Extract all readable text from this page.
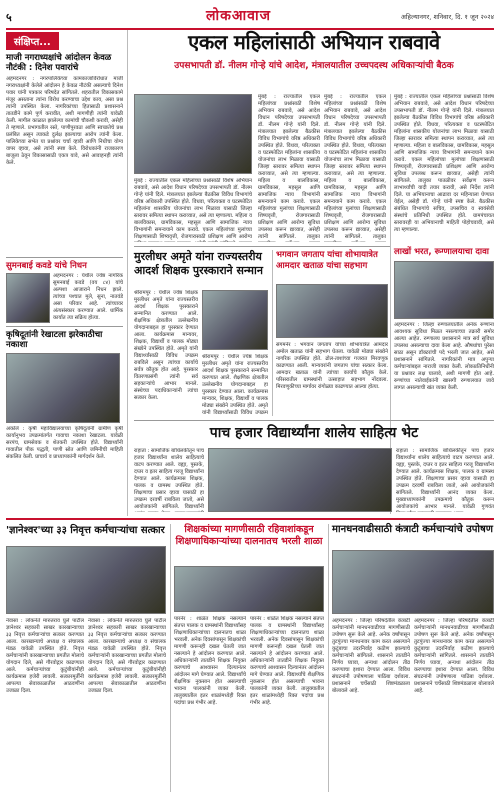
५	लोकआवाज	अहिल्यानगर, शनिवार, दि. १ जून २०२४
संक्षिप्त...
माजी नगराध्यक्षांचे आंदोलन केवळ नौटंकी : दिनेश पवारांचे
अहमदनगर : नगरपालिकेच्या कामकाजाविरोधात माजी नगराध्यक्षांनी केलेले आंदोलन हे केवळ नौटंकी असल्याचे दिनेश पवार यांनी पत्रकार परिषदेत सांगितले. शहरातील विकासकामे मंजूर असताना त्यांना विरोध करण्याचा उद्देश काय, असा प्रश्न त्यांनी उपस्थित केला. नागरिकांच्या हितासाठी प्रशासनाने तातडीने कामे पूर्ण करावीत, अशी मागणीही त्यांनी यावेळी केली. मागील काळात झालेल्या कामांची चौकशी करावी, असेही ते म्हणाले. प्रभागातील रस्ते, पाणीपुरवठा आणि स्वच्छतेचे प्रश्न प्रलंबित असून त्याकडे दुर्लक्ष झाल्याचा आरोप त्यांनी केला. पालिकेच्या सभेत या प्रश्नांवर चर्चा व्हावी आणि निधीचा योग्य वापर व्हावा, असे त्यांनी स्पष्ट केले. विरोधकांनी राजकारण बाजूला ठेवून विकासासाठी एकत्र यावे, असे आवाहनही त्यांनी केले.
सुमनबाई कवडे यांचे निधन
अहमदनगर : येथील ज्येष्ठ नागरिक सुमनबाई कवडे (वय ८४) यांचे अल्पशा आजाराने निधन झाले. त्यांच्या पश्चात मुले, सुना, नातवंडे असा परिवार आहे. त्यांच्यावर अंत्यसंस्कार करण्यात आले. धार्मिक कार्यात त्या सक्रिय होत्या.
कृषिदूतांनी रेखाटला झरेकाठीचा नकाशा
अकोले : कृषी महाविद्यालयाच्या कृषिदूतांनी ग्रामीण कृषी कार्यानुभव उपक्रमांतर्गत गावाचा नकाशा रेखाटला. यावेळी सरपंच, ग्रामसेवक व शेतकरी उपस्थित होते. विद्यार्थ्यांनी गावातील पीक पद्धती, पाणी स्रोत आणि जमिनीची माहिती संकलित केली. प्राचार्य व प्राध्यापकांनी मार्गदर्शन केले.
एकल महिलांसाठी अभियान राबवावे
उपसभापती डॉ. नीलम गोऱ्हे यांचे आदेश, मंत्रालयातील उच्चपदस्थ अधिकाऱ्यांची बैठक
मुंबई : राज्यातील एकल महिलांच्या प्रश्नांसाठी विशेष अभियान राबवावे, असे आदेश विधान परिषदेच्या उपसभापती डॉ. नीलम गोऱ्हे यांनी दिले. मंत्रालयात झालेल्या बैठकीस विविध विभागांचे वरिष्ठ अधिकारी उपस्थित होते. विधवा, परित्यक्ता व घटस्फोटित महिलांना शासकीय योजनांचा लाभ मिळावा यासाठी जिल्हा स्तरावर समित्या स्थापन कराव्यात, असे त्या म्हणाल्या. महिला व बालविकास, ग्रामविकास, महसूल आणि सामाजिक न्याय विभागांनी समन्वयाने काम करावे. एकल महिलांच्या मुलांच्या शिक्षणासाठी शिष्यवृत्ती, रोजगारासाठी प्रशिक्षण आणि आरोग्य
मुंबई : राज्यातील एकल महिलांच्या प्रश्नांसाठी विशेष अभियान राबवावे, असे आदेश विधान परिषदेच्या उपसभापती डॉ. नीलम गोऱ्हे यांनी दिले. मंत्रालयात झालेल्या बैठकीस विविध विभागांचे वरिष्ठ अधिकारी उपस्थित होते. विधवा, परित्यक्ता व घटस्फोटित महिलांना शासकीय योजनांचा लाभ मिळावा यासाठी जिल्हा स्तरावर समित्या स्थापन कराव्यात, असे त्या म्हणाल्या. महिला व बालविकास, ग्रामविकास, महसूल आणि सामाजिक न्याय विभागांनी समन्वयाने काम करावे. एकल महिलांच्या मुलांच्या शिक्षणासाठी शिष्यवृत्ती, रोजगारासाठी प्रशिक्षण आणि आरोग्य सुविधा उपलब्ध करून द्याव्यात, असेही त्यांनी सांगितले. तालुका
मुंबई : राज्यातील एकल महिलांच्या प्रश्नांसाठी विशेष अभियान राबवावे, असे आदेश विधान परिषदेच्या उपसभापती डॉ. नीलम गोऱ्हे यांनी दिले. मंत्रालयात झालेल्या बैठकीस विविध विभागांचे वरिष्ठ अधिकारी उपस्थित होते. विधवा, परित्यक्ता व घटस्फोटित महिलांना शासकीय योजनांचा लाभ मिळावा यासाठी जिल्हा स्तरावर समित्या स्थापन कराव्यात, असे त्या म्हणाल्या. महिला व बालविकास, ग्रामविकास, महसूल आणि सामाजिक न्याय विभागांनी समन्वयाने काम करावे. एकल महिलांच्या मुलांच्या शिक्षणासाठी शिष्यवृत्ती, रोजगारासाठी प्रशिक्षण आणि आरोग्य सुविधा उपलब्ध करून द्याव्यात, असेही त्यांनी सांगितले. तालुका
मुंबई : राज्यातील एकल महिलांच्या प्रश्नांसाठी विशेष अभियान राबवावे, असे आदेश विधान परिषदेच्या उपसभापती डॉ. नीलम गोऱ्हे यांनी दिले. मंत्रालयात झालेल्या बैठकीस विविध विभागांचे वरिष्ठ अधिकारी उपस्थित होते. विधवा, परित्यक्ता व घटस्फोटित महिलांना शासकीय योजनांचा लाभ मिळावा यासाठी जिल्हा स्तरावर समित्या स्थापन कराव्यात, असे त्या म्हणाल्या. महिला व बालविकास, ग्रामविकास, महसूल आणि सामाजिक न्याय विभागांनी समन्वयाने काम करावे. एकल महिलांच्या मुलांच्या शिक्षणासाठी शिष्यवृत्ती, रोजगारासाठी प्रशिक्षण आणि आरोग्य सुविधा उपलब्ध करून द्याव्यात, असेही त्यांनी सांगितले. तालुका पातळीवर सर्वेक्षण करून लाभार्थ्यांची यादी तयार करावी, असे निर्देश त्यांनी दिले. या अभियानाचा आढावा दर महिन्याला घेण्यात येईल, असेही डॉ. गोऱ्हे यांनी स्पष्ट केले. बैठकीस संबंधित विभागांचे सचिव, उपसचिव व स्वयंसेवी संस्थांचे प्रतिनिधी उपस्थित होते. ग्रामपंचायत स्तरावरही या अभियानाची माहिती पोहोचवावी, असे त्या म्हणाल्या.
लाखों भरत, रूग्णालयाचा दावा
अहमदनगर : जिल्हा रुग्णालयातील अनेक रुग्णांना आवश्यक सुविधा मिळत नसल्याच्या तक्रारी समोर आल्या आहेत. रुग्णालय प्रशासनाने मात्र सर्व सुविधा उपलब्ध असल्याचा दावा केला आहे. औषधांचा पुरेसा साठा असून डॉक्टरांची पदे भरली जात आहेत, असे प्रशासनाने सांगितले. नागरिकांनी मात्र अपुऱ्या कर्मचाऱ्यांबद्दल नाराजी व्यक्त केली. लोकप्रतिनिधींनी या प्रश्नावर लक्ष घालावे, अशी मागणी होत आहे. रुग्णांच्या नातेवाईकांनी खासगी रुग्णालयात जावे लागत असल्याची खंत व्यक्त केली.
मुरलीधर अमृते यांना राज्यस्तरीय आदर्श शिक्षक पुरस्काराने सन्मान
श्रीरामपूर : येथील ज्येष्ठ शिक्षक मुरलीधर अमृते यांना राज्यस्तरीय आदर्श शिक्षक पुरस्काराने सन्मानित करण्यात आले. शैक्षणिक क्षेत्रातील उल्लेखनीय योगदानाबद्दल हा पुरस्कार देण्यात आला. कार्यक्रमास मान्यवर, शिक्षक, विद्यार्थी व पालक मोठ्या संख्येने उपस्थित होते. अमृते यांनी विद्यार्थ्यांसाठी विविध उपक्रम राबविले असून त्यांच्या कार्याचे सर्वत्र कौतुक होत आहे. पुरस्कार वितरणप्रसंगी त्यांनी सर्व सहकाऱ्यांचे आभार मानले. संस्थेच्या पदाधिकाऱ्यांनी त्यांचा सत्कार केला.
श्रीरामपूर : येथील ज्येष्ठ शिक्षक मुरलीधर अमृते यांना राज्यस्तरीय आदर्श शिक्षक पुरस्काराने सन्मानित करण्यात आले. शैक्षणिक क्षेत्रातील उल्लेखनीय योगदानाबद्दल हा पुरस्कार देण्यात आला. कार्यक्रमास मान्यवर, शिक्षक, विद्यार्थी व पालक मोठ्या संख्येने उपस्थित होते. अमृते यांनी विद्यार्थ्यांसाठी विविध उपक्रम
भगवान जगताप यांचा शोभायात्रेत आमदार खताळ यांचा सहभाग
संगमनेर : भगवान जगताप यांच्या शोभायात्रेत आमदार अमोल खताळ यांनी सहभाग घेतला. यावेळी मोठ्या संख्येने नागरिक उपस्थित होते. ढोल-ताशांच्या गजरात मिरवणूक काढण्यात आली. मान्यवरांनी जगताप यांचा सत्कार केला. आमदार खताळ यांनी त्यांच्या कार्याचे कौतुक केले. परिसरातील ग्रामस्थांनी उत्साहात सहभाग नोंदवला. मिरवणुकीच्या मार्गावर रांगोळ्या काढण्यात आल्या होत्या.
पाच हजार विद्यार्थ्यांना शालेय साहित्य भेट
राहाता : सामाजिक बांधिलकीतून पाच हजार विद्यार्थ्यांना शालेय साहित्याचे वाटप करण्यात आले. वह्या, पुस्तके, दप्तर व इतर साहित्य गरजू विद्यार्थ्यांना देण्यात आले. कार्यक्रमास शिक्षक, पालक व ग्रामस्थ उपस्थित होते. शिक्षणाचा प्रसार व्हावा यासाठी हा उपक्रम दरवर्षी राबविला जातो, असे आयोजकांनी सांगितले. विद्यार्थ्यांनी
राहाता : सामाजिक बांधिलकीतून पाच हजार विद्यार्थ्यांना शालेय साहित्याचे वाटप करण्यात आले. वह्या, पुस्तके, दप्तर व इतर साहित्य गरजू विद्यार्थ्यांना देण्यात आले. कार्यक्रमास शिक्षक, पालक व ग्रामस्थ उपस्थित होते. शिक्षणाचा प्रसार व्हावा यासाठी हा उपक्रम दरवर्षी राबविला जातो, असे आयोजकांनी सांगितले. विद्यार्थ्यांनी आनंद व्यक्त केला. मुख्याध्यापकांनी उपक्रमाचे कौतुक करून आयोजकांचे आभार मानले. यावेळी गुणवंत
'ज्ञानेश्वर'च्या ३३ निवृत्त कर्मचाऱ्यांचा सत्कार
नेवासा : लोकनेते मारुतराव घुले पाटील ज्ञानेश्वर सहकारी साखर कारखान्याच्या ३३ निवृत्त कर्मचाऱ्यांचा सत्कार करण्यात आला. कारखान्याचे अध्यक्ष व संचालक मंडळ यावेळी उपस्थित होते. निवृत्त कर्मचाऱ्यांनी कारखान्याच्या प्रगतीत मोलाचे योगदान दिले, असे गौरवोद्गार काढण्यात आले. कर्मचाऱ्यांच्या कुटुंबीयांनीही कार्यक्रमास हजेरी लावली. सत्कारमूर्तींनी आपल्या सेवाकाळातील आठवणींना उजाळा दिला.
नेवासा : लोकनेते मारुतराव घुले पाटील ज्ञानेश्वर सहकारी साखर कारखान्याच्या ३३ निवृत्त कर्मचाऱ्यांचा सत्कार करण्यात आला. कारखान्याचे अध्यक्ष व संचालक मंडळ यावेळी उपस्थित होते. निवृत्त कर्मचाऱ्यांनी कारखान्याच्या प्रगतीत मोलाचे योगदान दिले, असे गौरवोद्गार काढण्यात आले. कर्मचाऱ्यांच्या कुटुंबीयांनीही कार्यक्रमास हजेरी लावली. सत्कारमूर्तींनी आपल्या सेवाकाळातील आठवणींना उजाळा दिला.
शिक्षकांच्या मागणीसाठी रहिवाशांकडून शिक्षणाधिकाऱ्यांच्या दालनातच भरली शाळा
पारनेर : शाळेत शिक्षक नसल्याने संतप्त पालक व ग्रामस्थांनी विद्यार्थ्यांसह शिक्षणाधिकाऱ्यांच्या दालनातच शाळा भरवली. अनेक दिवसांपासून शिक्षकांची मागणी करूनही दखल घेतली जात नसल्याने हे आंदोलन करण्यात आले. अधिकाऱ्यांनी तातडीने शिक्षक नियुक्त करण्याचे आश्वासन दिल्यानंतर आंदोलन मागे घेण्यात आले. विद्यार्थ्यांचे शैक्षणिक नुकसान होत असल्याची भावना पालकांनी व्यक्त केली. तालुक्यातील इतर शाळांमध्येही रिक्त पदांचा प्रश्न गंभीर आहे.
पारनेर : शाळेत शिक्षक नसल्याने संतप्त पालक व ग्रामस्थांनी विद्यार्थ्यांसह शिक्षणाधिकाऱ्यांच्या दालनातच शाळा भरवली. अनेक दिवसांपासून शिक्षकांची मागणी करूनही दखल घेतली जात नसल्याने हे आंदोलन करण्यात आले. अधिकाऱ्यांनी तातडीने शिक्षक नियुक्त करण्याचे आश्वासन दिल्यानंतर आंदोलन मागे घेण्यात आले. विद्यार्थ्यांचे शैक्षणिक नुकसान होत असल्याची भावना पालकांनी व्यक्त केली. तालुक्यातील इतर शाळांमध्येही रिक्त पदांचा प्रश्न गंभीर आहे.
मानधनवाढीसाठी कंत्राटी कर्मचाऱ्यांचे उपोषण
अहमदनगर : जिल्हा परिषदेतील कंत्राटी कर्मचाऱ्यांनी मानधनवाढीच्या मागणीसाठी उपोषण सुरू केले आहे. अनेक वर्षांपासून तुटपुंज्या मानधनावर काम करत असल्याने कुटुंबाचा उदरनिर्वाह कठीण झाल्याचे कर्मचाऱ्यांनी सांगितले. शासनाने तातडीने निर्णय घ्यावा, अन्यथा आंदोलन तीव्र करण्याचा इशारा देण्यात आला. विविध संघटनांनी उपोषणाला पाठिंबा दर्शवला. प्रशासनाने चर्चेसाठी शिष्टमंडळाला बोलावले आहे.
अहमदनगर : जिल्हा परिषदेतील कंत्राटी कर्मचाऱ्यांनी मानधनवाढीच्या मागणीसाठी उपोषण सुरू केले आहे. अनेक वर्षांपासून तुटपुंज्या मानधनावर काम करत असल्याने कुटुंबाचा उदरनिर्वाह कठीण झाल्याचे कर्मचाऱ्यांनी सांगितले. शासनाने तातडीने निर्णय घ्यावा, अन्यथा आंदोलन तीव्र करण्याचा इशारा देण्यात आला. विविध संघटनांनी उपोषणाला पाठिंबा दर्शवला. प्रशासनाने चर्चेसाठी शिष्टमंडळाला बोलावले आहे.
